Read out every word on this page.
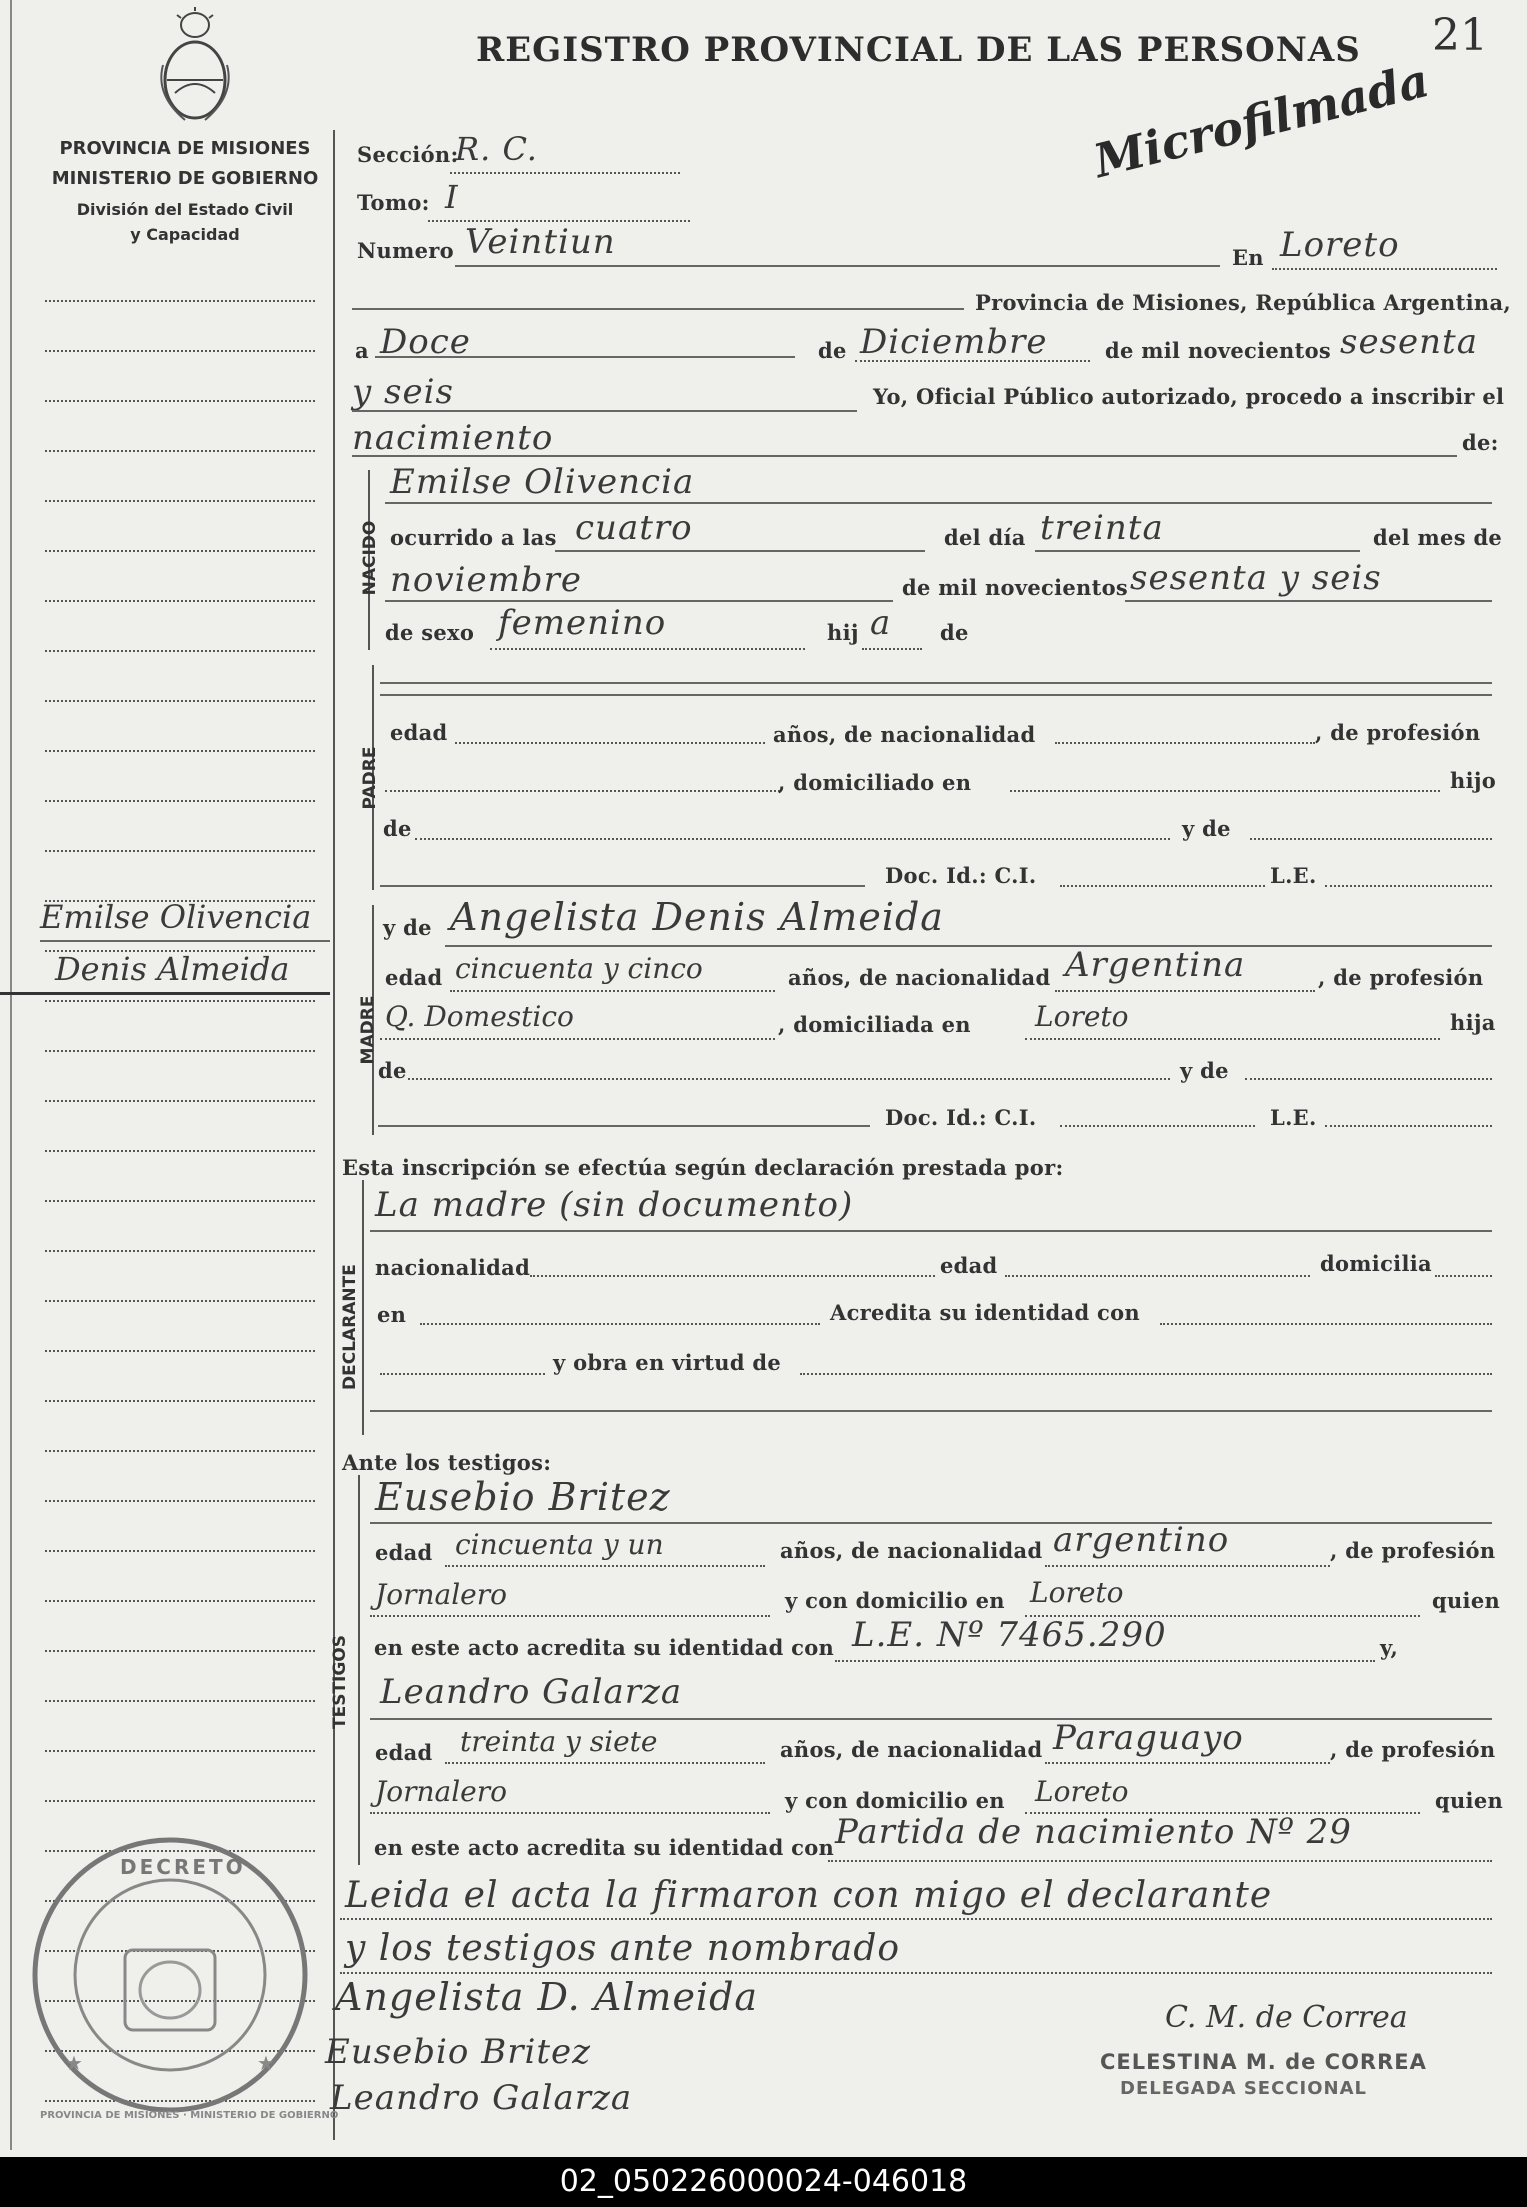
PROVINCIA DE MISIONES
MINISTERIO DE GOBIERNO
División del Estado Civil
y Capacidad
REGISTRO PROVINCIAL DE LAS PERSONAS 21
Microfilmada
Emilse Olivencia
Denis Almeida
Sección:
R. C.
Tomo: I
Numero Veintiun	En Loreto
Provincia de Misiones, República Argentina,
a Doce	de Diciembre	de mil novecientos sesenta
y seis	Yo, Oficial Público autorizado, procedo a inscribir el
nacimiento	de:
NACIDO
Emilse Olivencia
ocurrido a las cuatro	del día treinta	del mes de
noviembre	de mil novecientos sesenta y seis
de sexo femenino	hij a de
PADRE
edad	años, de nacionalidad	, de profesión
, domiciliado en	hijo
de	y de
Doc. Id.: C.I.	L.E.
MADRE
y de Angelista Denis Almeida
edad cincuenta y cinco	años, de nacionalidad Argentina	, de profesión
Q. Domestico	, domiciliada en Loreto	hija
de	y de
Doc. Id.: C.I.	L.E.
Esta inscripción se efectúa según declaración prestada por:
DECLARANTE
La madre (sin documento)
nacionalidad	edad	domicilia
en	Acredita su identidad con
y obra en virtud de
Ante los testigos:
TESTIGOS
Eusebio Britez
edad cincuenta y un	años, de nacionalidad argentino	, de profesión
Jornalero	y con domicilio en Loreto	quien
en este acto acredita su identidad con L.E. Nº 7465.290	y,
Leandro Galarza
edad treinta y siete	años, de nacionalidad Paraguayo	, de profesión
Jornalero	y con domicilio en Loreto	quien
en este acto acredita su identidad con Partida de nacimiento Nº 29
Leida el acta la firmaron con migo el declarante
y los testigos ante nombrado
Angelista D. Almeida
Eusebio Britez
Leandro Galarza
C. M. de Correa
CELESTINA M. de CORREA
DELEGADA SECCIONAL
★	★
DECRETO
PROVINCIA DE MISIONES · MINISTERIO DE GOBIERNO
02_050226000024-046018
